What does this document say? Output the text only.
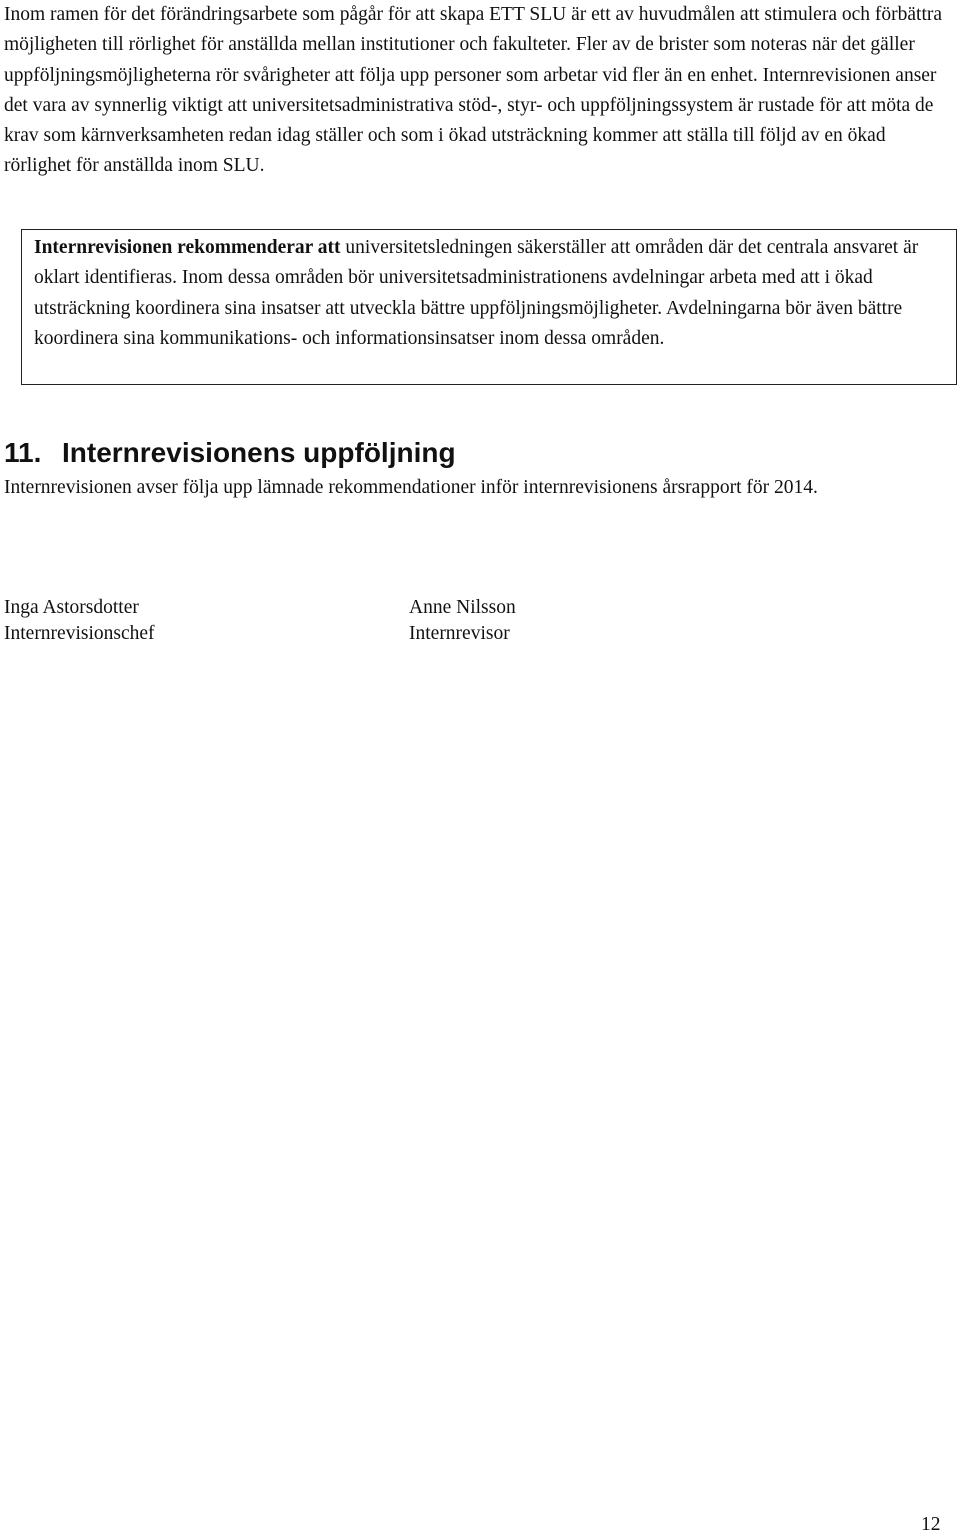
Inom ramen för det förändringsarbete som pågår för att skapa ETT SLU är ett av huvudmålen att stimulera och förbättra möjligheten till rörlighet för anställda mellan institutioner och fakulteter. Fler av de brister som noteras när det gäller uppföljningsmöjligheterna rör svårigheter att följa upp personer som arbetar vid fler än en enhet. Internrevisionen anser det vara av synnerlig viktigt att universitetsadministrativa stöd-, styr- och uppföljningssystem är rustade för att möta de krav som kärnverksamheten redan idag ställer och som i ökad utsträckning kommer att ställa till följd av en ökad rörlighet för anställda inom SLU.

Internrevisionen rekommenderar att universitetsledningen säkerställer att områden där det centrala ansvaret är oklart identifieras. Inom dessa områden bör universitetsadministrationens avdelningar arbeta med att i ökad utsträckning koordinera sina insatser att utveckla bättre uppföljningsmöjligheter. Avdelningarna bör även bättre koordinera sina kommunikations- och informationsinsatser inom dessa områden.

11. Internrevisionens uppföljning

Internrevisionen avser följa upp lämnade rekommendationer inför internrevisionens årsrapport för 2014.

Inga Astorsdotter
Internrevisionschef
Anne Nilsson
Internrevisor
12
